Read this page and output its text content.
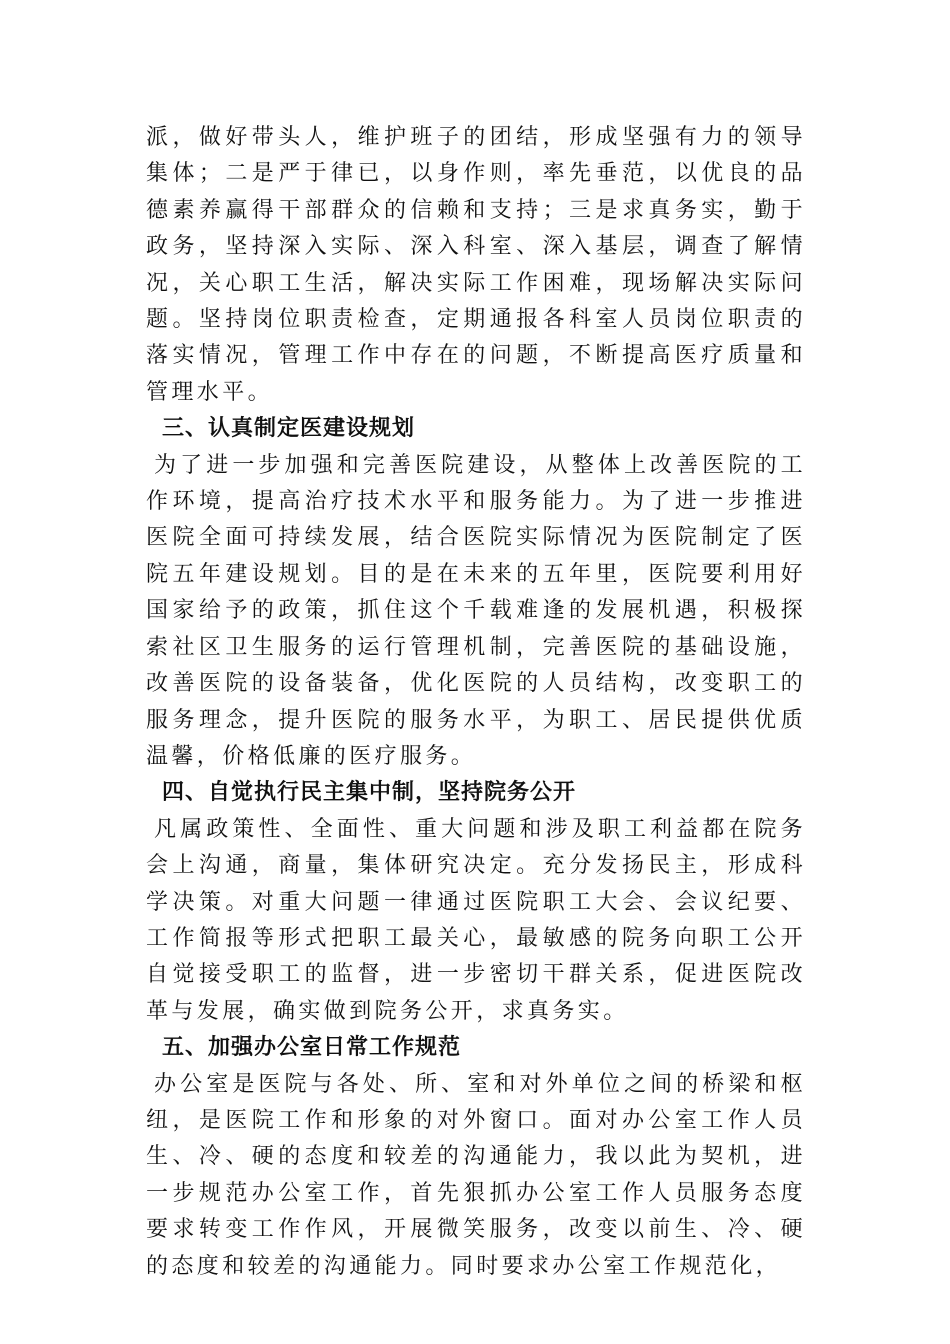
派，做好带头人，维护班子的团结，形成坚强有力的领导集体；二是严于律已，以身作则，率先垂范，以优良的品德素养赢得干部群众的信赖和支持；三是求真务实，勤于政务，坚持深入实际、深入科室、深入基层，调查了解情况，关心职工生活，解决实际工作困难，现场解决实际问题。坚持岗位职责检查，定期通报各科室人员岗位职责的落实情况，管理工作中存在的问题，不断提高医疗质量和管理水平。

三、认真制定医建设规划

为了进一步加强和完善医院建设，从整体上改善医院的工作环境，提高治疗技术水平和服务能力。为了进一步推进医院全面可持续发展，结合医院实际情况为医院制定了医院五年建设规划。目的是在未来的五年里，医院要利用好国家给予的政策，抓住这个千载难逢的发展机遇，积极探索社区卫生服务的运行管理机制，完善医院的基础设施，改善医院的设备装备，优化医院的人员结构，改变职工的服务理念，提升医院的服务水平，为职工、居民提供优质温馨，价格低廉的医疗服务。

四、自觉执行民主集中制，坚持院务公开

凡属政策性、全面性、重大问题和涉及职工利益都在院务会上沟通，商量，集体研究决定。充分发扬民主，形成科学决策。对重大问题一律通过医院职工大会、会议纪要、工作简报等形式把职工最关心，最敏感的院务向职工公开自觉接受职工的监督，进一步密切干群关系，促进医院改革与发展，确实做到院务公开，求真务实。

五、加强办公室日常工作规范

办公室是医院与各处、所、室和对外单位之间的桥梁和枢纽，是医院工作和形象的对外窗口。面对办公室工作人员生、冷、硬的态度和较差的沟通能力，我以此为契机，进一步规范办公室工作，首先狠抓办公室工作人员服务态度要求转变工作作风，开展微笑服务，改变以前生、冷、硬的态度和较差的沟通能力。同时要求办公室工作规范化，
